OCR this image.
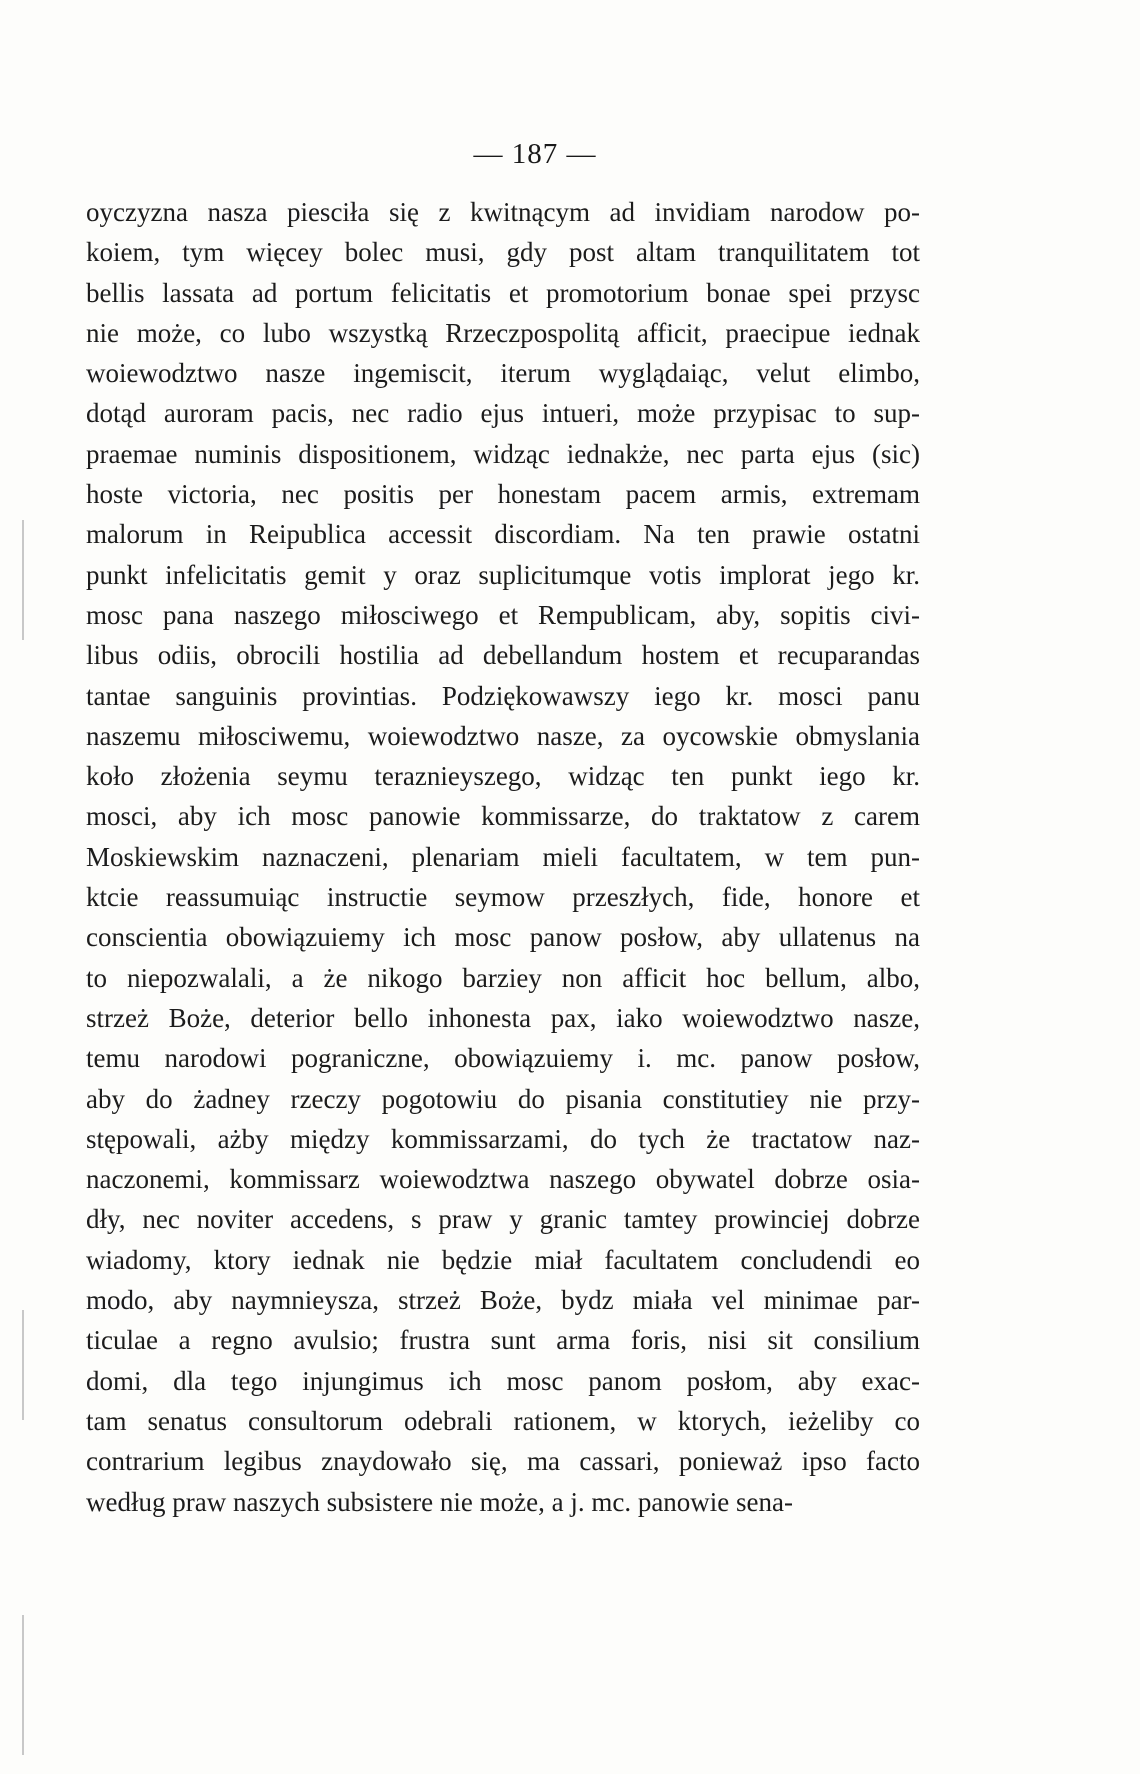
— 187 —
oyczyzna nasza piesciła się z kwitnącym ad invidiam narodow po-
koiem, tym więcey bolec musi, gdy post altam tranquilitatem tot
bellis lassata ad portum felicitatis et promotorium bonae spei przysc
nie może, co lubo wszystką Rrzeczpospolitą afficit, praecipue iednak
woiewodztwo nasze ingemiscit, iterum wyglądaiąc, velut elimbo,
dotąd auroram pacis, nec radio ejus intueri, może przypisac to sup-
praemae numinis dispositionem, widząc iednakże, nec parta ejus (sic)
hoste victoria, nec positis per honestam pacem armis, extremam
malorum in Reipublica accessit discordiam. Na ten prawie ostatni
punkt infelicitatis gemit y oraz suplicitumque votis implorat jego kr.
mosc pana naszego miłosciwego et Rempublicam, aby, sopitis civi-
libus odiis, obrocili hostilia ad debellandum hostem et recuparandas
tantae sanguinis provintias. Podziękowawszy iego kr. mosci panu
naszemu miłosciwemu, woiewodztwo nasze, za oycowskie obmyslania
koło złożenia seymu teraznieyszego, widząc ten punkt iego kr.
mosci, aby ich mosc panowie kommissarze, do traktatow z carem
Moskiewskim naznaczeni, plenariam mieli facultatem, w tem pun-
ktcie reassumuiąc instructie seymow przeszłych, fide, honore et
conscientia obowiązuiemy ich mosc panow posłow, aby ullatenus na
to niepozwalali, a że nikogo barziey non afficit hoc bellum, albo,
strzeż Boże, deterior bello inhonesta pax, iako woiewodztwo nasze,
temu narodowi pograniczne, obowiązuiemy i. mc. panow posłow,
aby do żadney rzeczy pogotowiu do pisania constitutiey nie przy-
stępowali, ażby między kommissarzami, do tych że tractatow naz-
naczonemi, kommissarz woiewodztwa naszego obywatel dobrze osia-
dły, nec noviter accedens, s praw y granic tamtey prowinciej dobrze
wiadomy, ktory iednak nie będzie miał facultatem concludendi eo
modo, aby naymnieysza, strzeż Boże, bydz miała vel minimae par-
ticulae a regno avulsio; frustra sunt arma foris, nisi sit consilium
domi, dla tego injungimus ich mosc panom posłom, aby exac-
tam senatus consultorum odebrali rationem, w ktorych, ieżeliby co
contrarium legibus znaydowało się, ma cassari, ponieważ ipso facto
według praw naszych subsistere nie może, a j. mc. panowie sena-
